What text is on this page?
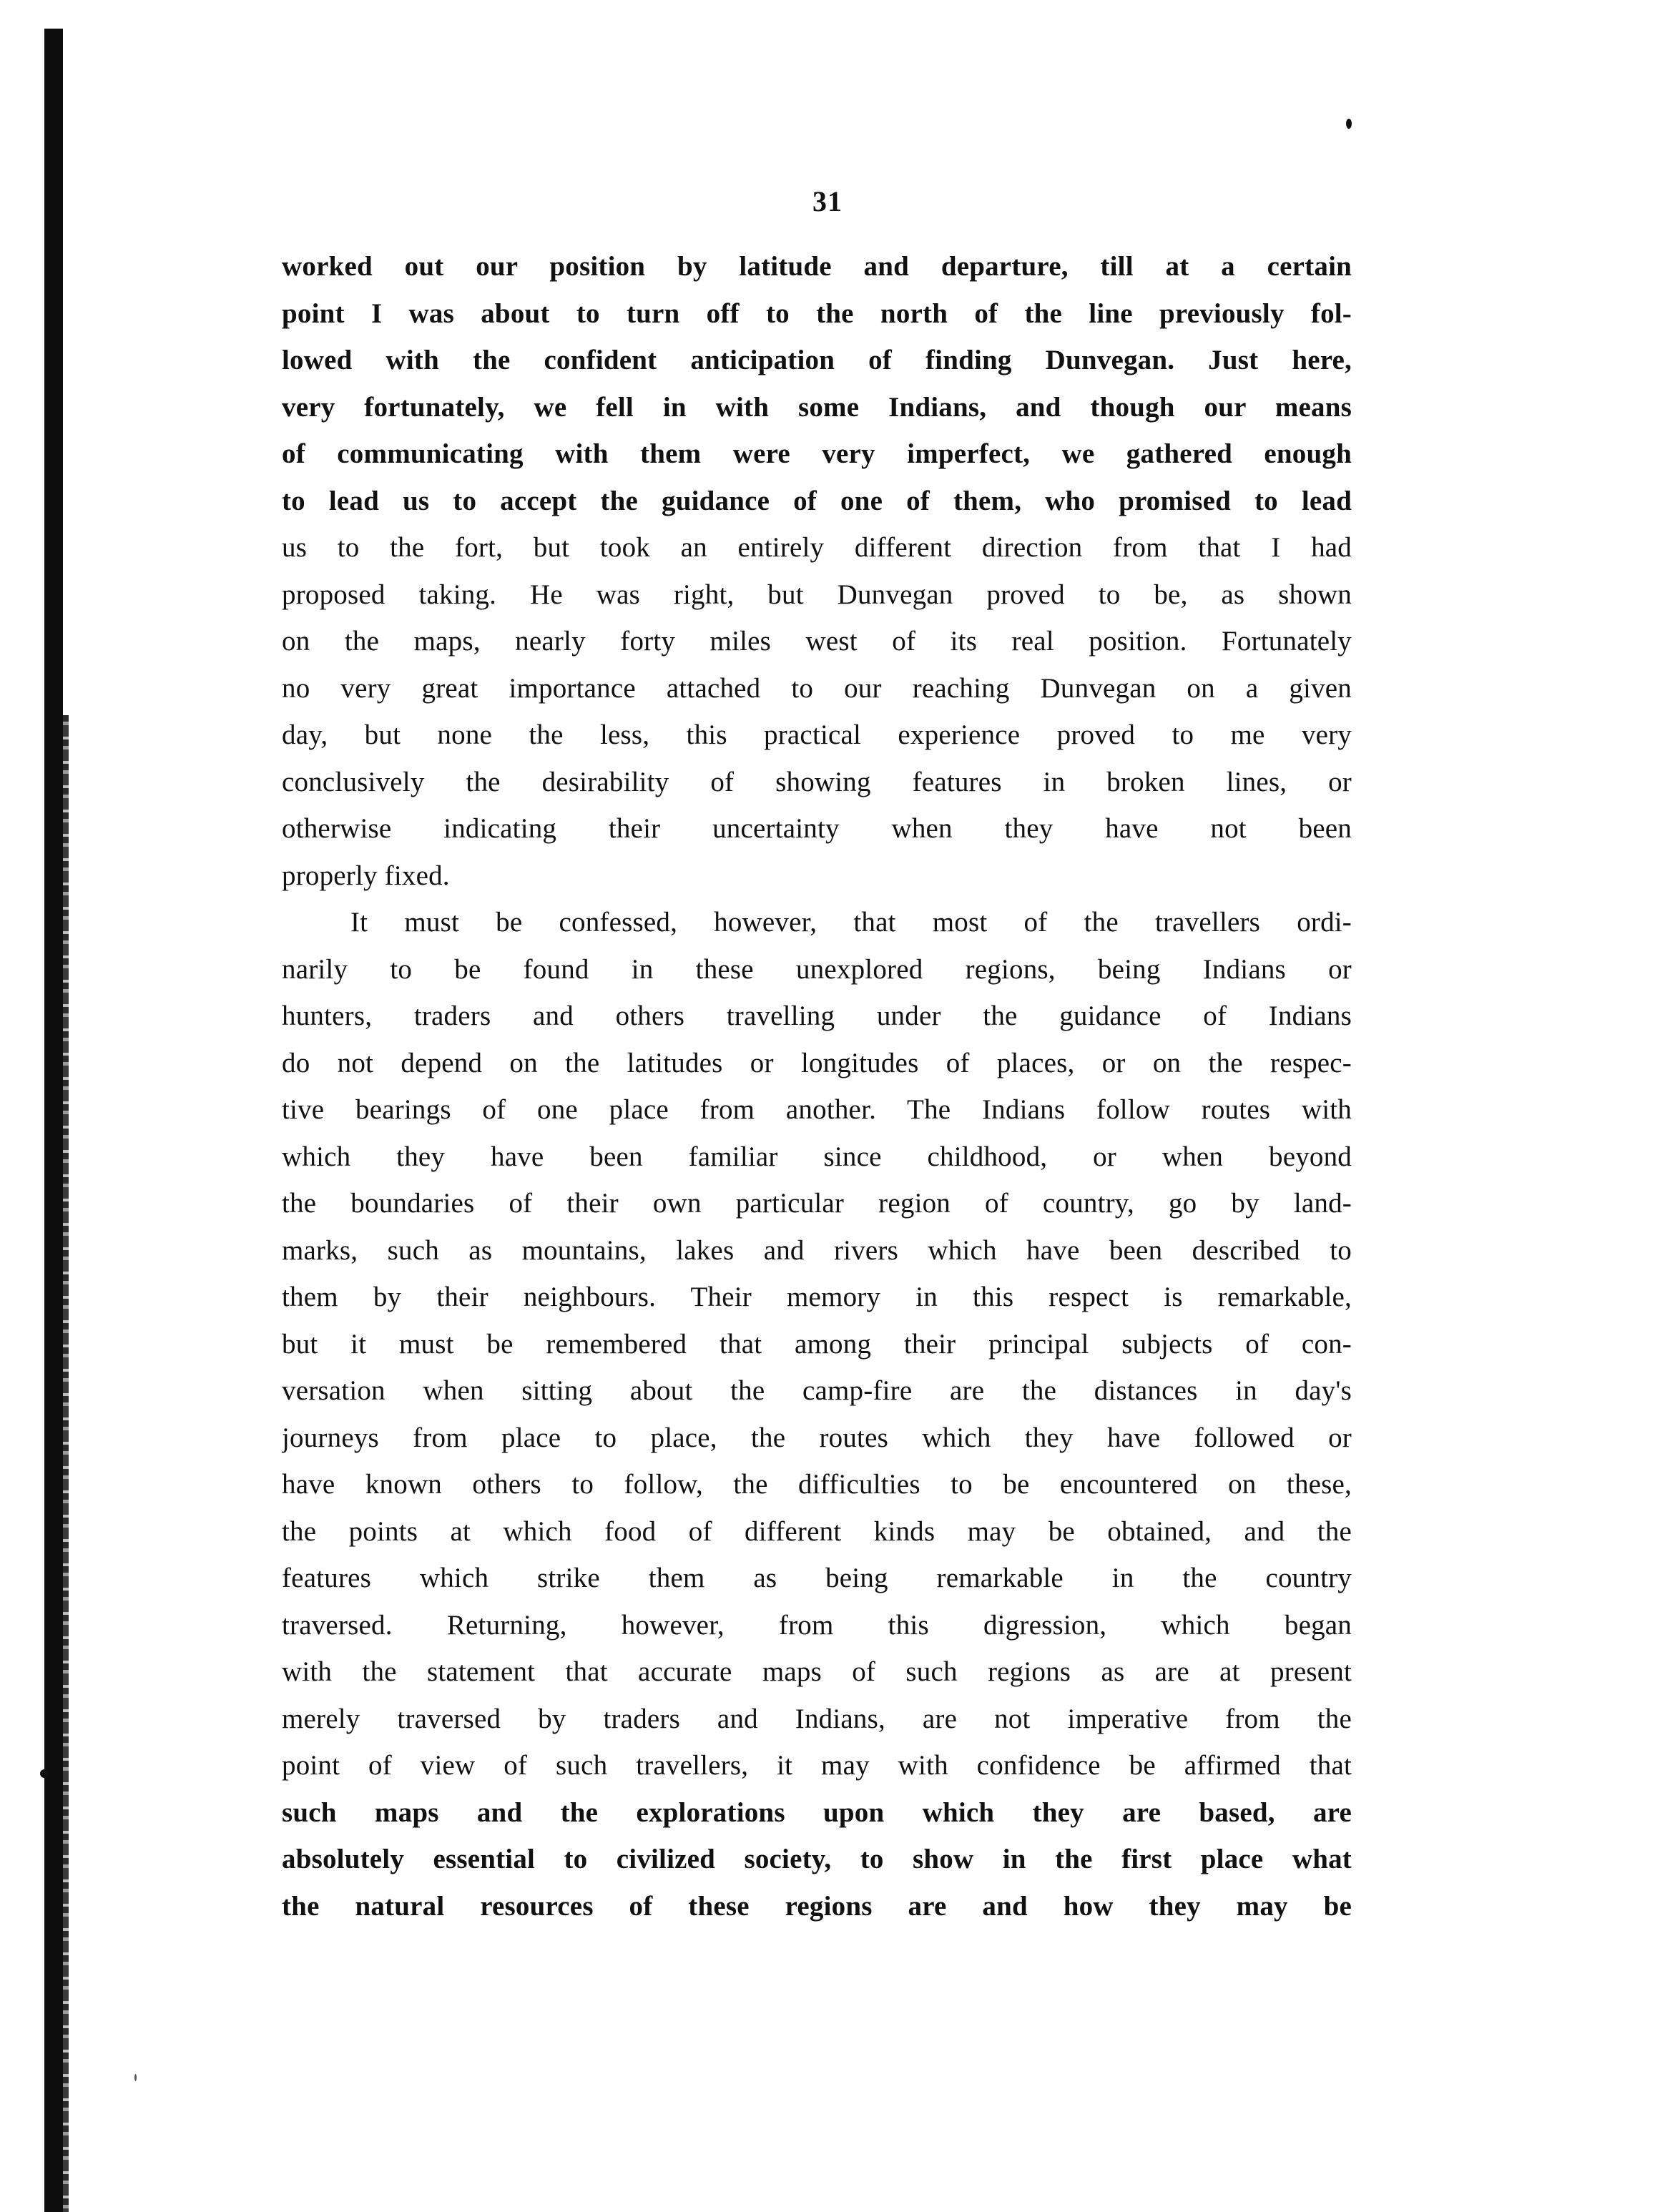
31
worked out our position by latitude and departure, till at a certain
point I was about to turn off to the north of the line previously fol-
lowed with the confident anticipation of finding Dunvegan. Just here,
very fortunately, we fell in with some Indians, and though our means
of communicating with them were very imperfect, we gathered enough
to lead us to accept the guidance of one of them, who promised to lead
us to the fort, but took an entirely different direction from that I had
proposed taking. He was right, but Dunvegan proved to be, as shown
on the maps, nearly forty miles west of its real position. Fortunately
no very great importance attached to our reaching Dunvegan on a given
day, but none the less, this practical experience proved to me very
conclusively the desirability of showing features in broken lines, or
otherwise indicating their uncertainty when they have not been
properly fixed.
It must be confessed, however, that most of the travellers ordi-
narily to be found in these unexplored regions, being Indians or
hunters, traders and others travelling under the guidance of Indians
do not depend on the latitudes or longitudes of places, or on the respec-
tive bearings of one place from another. The Indians follow routes with
which they have been familiar since childhood, or when beyond
the boundaries of their own particular region of country, go by land-
marks, such as mountains, lakes and rivers which have been described to
them by their neighbours. Their memory in this respect is remarkable,
but it must be remembered that among their principal subjects of con-
versation when sitting about the camp-fire are the distances in day's
journeys from place to place, the routes which they have followed or
have known others to follow, the difficulties to be encountered on these,
the points at which food of different kinds may be obtained, and the
features which strike them as being remarkable in the country
traversed. Returning, however, from this digression, which began
with the statement that accurate maps of such regions as are at present
merely traversed by traders and Indians, are not imperative from the
point of view of such travellers, it may with confidence be affirmed that
such maps and the explorations upon which they are based, are
absolutely essential to civilized society, to show in the first place what
the natural resources of these regions are and how they may be
